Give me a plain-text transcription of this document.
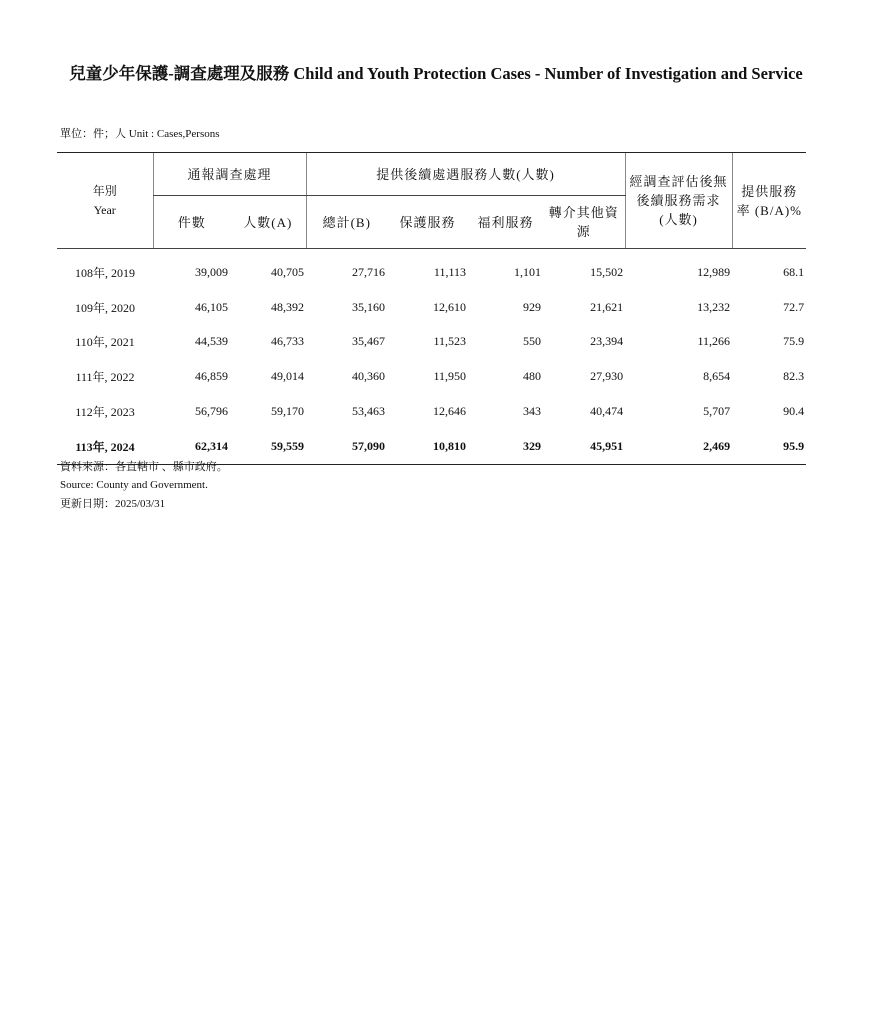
兒童少年保護-調查處理及服務 Child and Youth Protection Cases - Number of Investigation and Service
單位：件；人 Unit : Cases,Persons
年別
Year	通報調查處理		提供後續處遇服務人數(人數)				經調查評估後無後續服務需求(人數)	提供服務率 (B/A)%
	件數	人數(A)	總計(B)	保護服務	福利服務	轉介其他資源		
108年, 2019	39,009	40,705	27,716	11,113	1,101	15,502	12,989	68.1
109年, 2020	46,105	48,392	35,160	12,610	929	21,621	13,232	72.7
110年, 2021	44,539	46,733	35,467	11,523	550	23,394	11,266	75.9
111年, 2022	46,859	49,014	40,360	11,950	480	27,930	8,654	82.3
112年, 2023	56,796	59,170	53,463	12,646	343	40,474	5,707	90.4
113年, 2024	62,314	59,559	57,090	10,810	329	45,951	2,469	95.9
資料來源：各直轄市 、縣市政府。
Source: County and Government.
更新日期：2025/03/31
